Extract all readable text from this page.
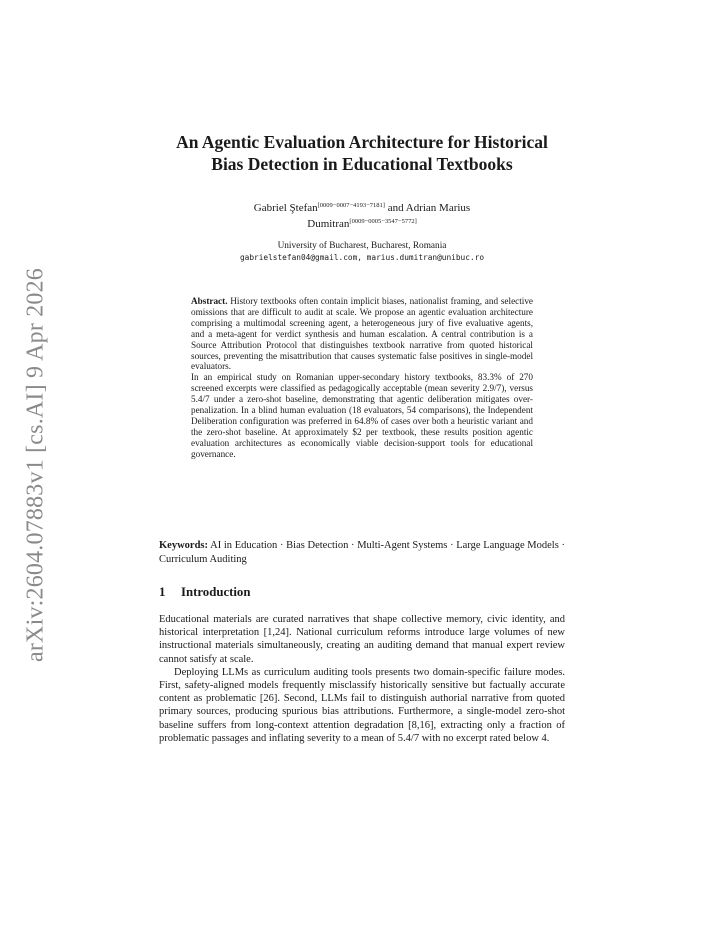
arXiv:2604.07883v1 [cs.AI] 9 Apr 2026
An Agentic Evaluation Architecture for Historical
Bias Detection in Educational Textbooks
Gabriel Ştefan[0009−0007−4193−7181] and Adrian Marius
Dumitran[0009−0005−3547−5772]
University of Bucharest, Bucharest, Romania
gabrielstefan04@gmail.com, marius.dumitran@unibuc.ro

Abstract. History textbooks often contain implicit biases, nationalist framing, and selective omissions that are difficult to audit at scale. We propose an agentic evaluation architecture comprising a multimodal screening agent, a heterogeneous jury of five evaluative agents, and a meta-agent for verdict synthesis and human escalation. A central contribution is a Source Attribution Protocol that distinguishes textbook narrative from quoted historical sources, preventing the misattribution that causes systematic false positives in single-model evaluators.

In an empirical study on Romanian upper-secondary history textbooks, 83.3% of 270 screened excerpts were classified as pedagogically acceptable (mean severity 2.9/7), versus 5.4/7 under a zero-shot baseline, demonstrating that agentic deliberation mitigates over-penalization. In a blind human evaluation (18 evaluators, 54 comparisons), the Independent Deliberation configuration was preferred in 64.8% of cases over both a heuristic variant and the zero-shot baseline. At approximately $2 per textbook, these results position agentic evaluation architectures as economically viable decision-support tools for educational governance.

Keywords: AI in Education · Bias Detection · Multi-Agent Systems · Large Language Models · Curriculum Auditing
1 Introduction

Educational materials are curated narratives that shape collective memory, civic identity, and historical interpretation [1,24]. National curriculum reforms introduce large volumes of new instructional materials simultaneously, creating an auditing demand that manual expert review cannot satisfy at scale.

Deploying LLMs as curriculum auditing tools presents two domain-specific failure modes. First, safety-aligned models frequently misclassify historically sensitive but factually accurate content as problematic [26]. Second, LLMs fail to distinguish authorial narrative from quoted primary sources, producing spurious bias attributions. Furthermore, a single-model zero-shot baseline suffers from long-context attention degradation [8,16], extracting only a fraction of problematic passages and inflating severity to a mean of 5.4/7 with no excerpt rated below 4.
